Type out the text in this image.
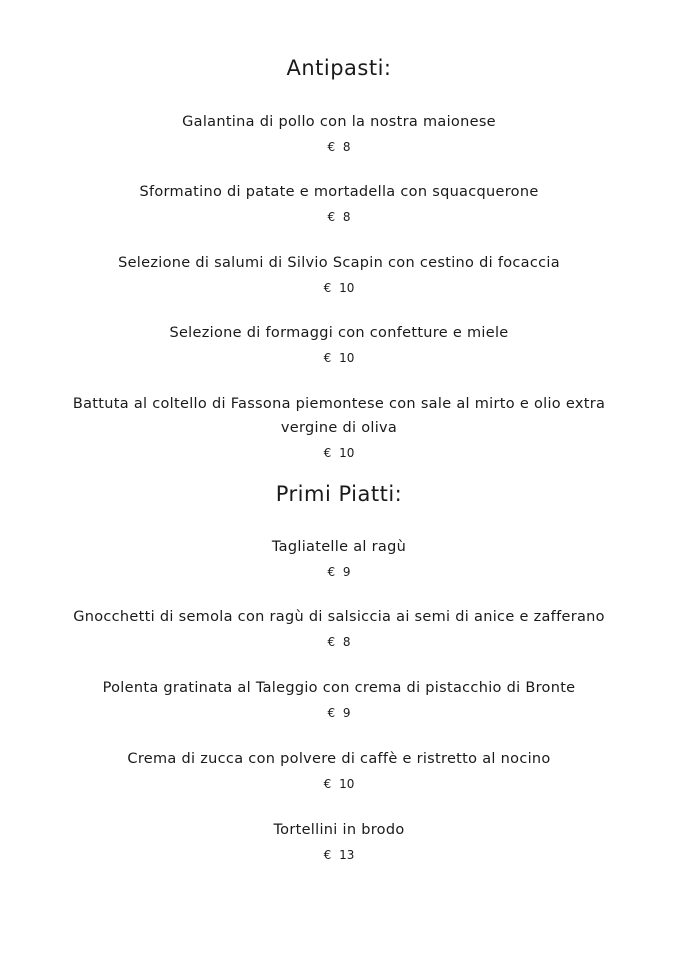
Antipasti:
Galantina di pollo con la nostra maionese
€ 8
Sformatino di patate e mortadella con squacquerone
€ 8
Selezione di salumi di Silvio Scapin con cestino di focaccia
€ 10
Selezione di formaggi con confetture e miele
€ 10
Battuta al coltello di Fassona piemontese con sale al mirto e olio extra vergine di oliva
€ 10
Primi Piatti:
Tagliatelle al ragù
€ 9
Gnocchetti di semola con ragù di salsiccia ai semi di anice e zafferano
€ 8
Polenta gratinata al Taleggio con crema di pistacchio di Bronte
€ 9
Crema di zucca con polvere di caffè e ristretto al nocino
€ 10
Tortellini in brodo
€ 13
